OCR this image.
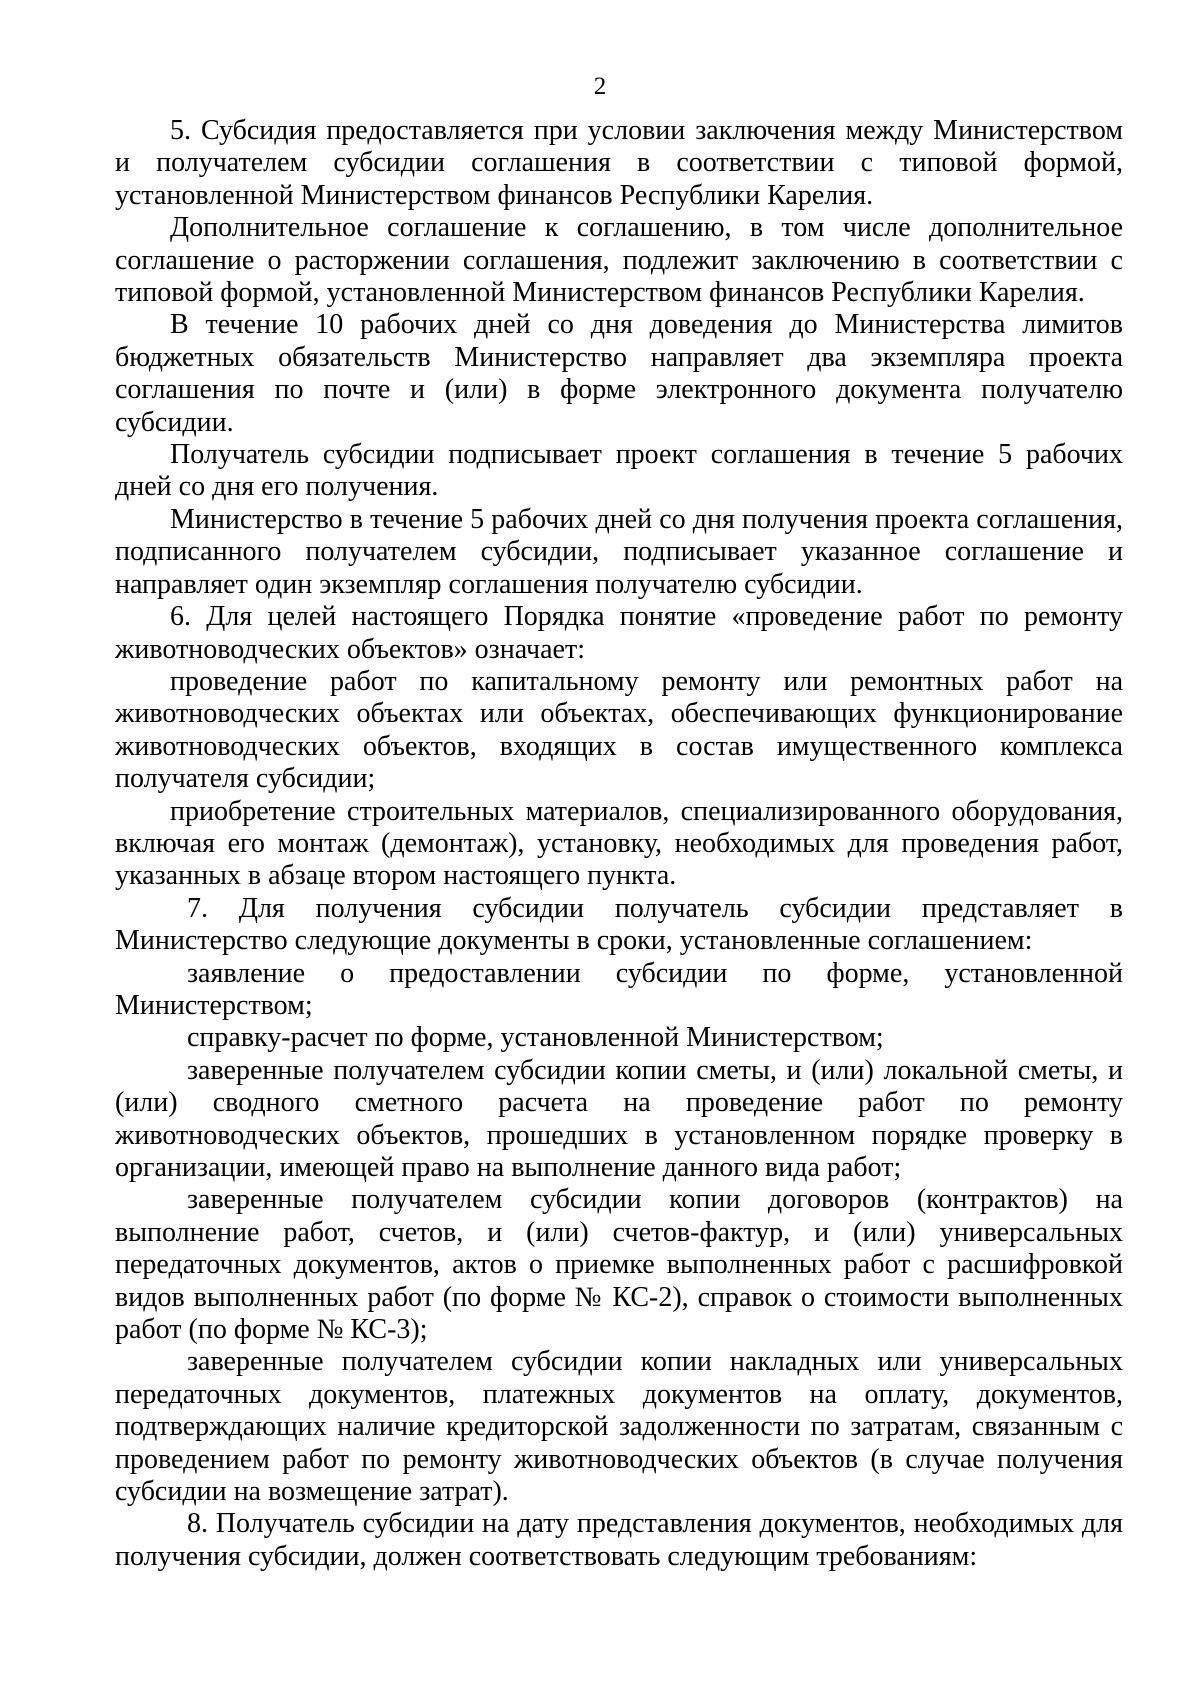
2

5. Субсидия предоставляется при условии заключения между Министерством и получателем субсидии соглашения в соответствии с типовой формой, установленной Министерством финансов Республики Карелия.

Дополнительное соглашение к соглашению, в том числе дополнительное соглашение о расторжении соглашения, подлежит заключению в соответствии с типовой формой, установленной Министерством финансов Республики Карелия.

В течение 10 рабочих дней со дня доведения до Министерства лимитов бюджетных обязательств Министерство направляет два экземпляра проекта соглашения по почте и (или) в форме электронного документа получателю субсидии.

Получатель субсидии подписывает проект соглашения в течение 5 рабочих дней со дня его получения.

Министерство в течение 5 рабочих дней со дня получения проекта соглашения, подписанного получателем субсидии, подписывает указанное соглашение и направляет один экземпляр соглашения получателю субсидии.

6. Для целей настоящего Порядка понятие «проведение работ по ремонту животноводческих объектов» означает:

проведение работ по капитальному ремонту или ремонтных работ на животноводческих объектах или объектах, обеспечивающих функционирование животноводческих объектов, входящих в состав имущественного комплекса получателя субсидии;

приобретение строительных материалов, специализированного оборудования, включая его монтаж (демонтаж), установку, необходимых для проведения работ, указанных в абзаце втором настоящего пункта.

7. Для получения субсидии получатель субсидии представляет в Министерство следующие документы в сроки, установленные соглашением:

заявление о предоставлении субсидии по форме, установленной Министерством;

справку-расчет по форме, установленной Министерством;

заверенные получателем субсидии копии сметы, и (или) локальной сметы, и (или) сводного сметного расчета на проведение работ по ремонту животноводческих объектов, прошедших в установленном порядке проверку в организации, имеющей право на выполнение данного вида работ;

заверенные получателем субсидии копии договоров (контрактов) на выполнение работ, счетов, и (или) счетов-фактур, и (или) универсальных передаточных документов, актов о приемке выполненных работ с расшифровкой видов выполненных работ (по форме № КС-2), справок о стоимости выполненных работ (по форме № КС-3);

заверенные получателем субсидии копии накладных или универсальных передаточных документов, платежных документов на оплату, документов, подтверждающих наличие кредиторской задолженности по затратам, связанным с проведением работ по ремонту животноводческих объектов (в случае получения субсидии на возмещение затрат).

8. Получатель субсидии на дату представления документов, необходимых для получения субсидии, должен соответствовать следующим требованиям:
